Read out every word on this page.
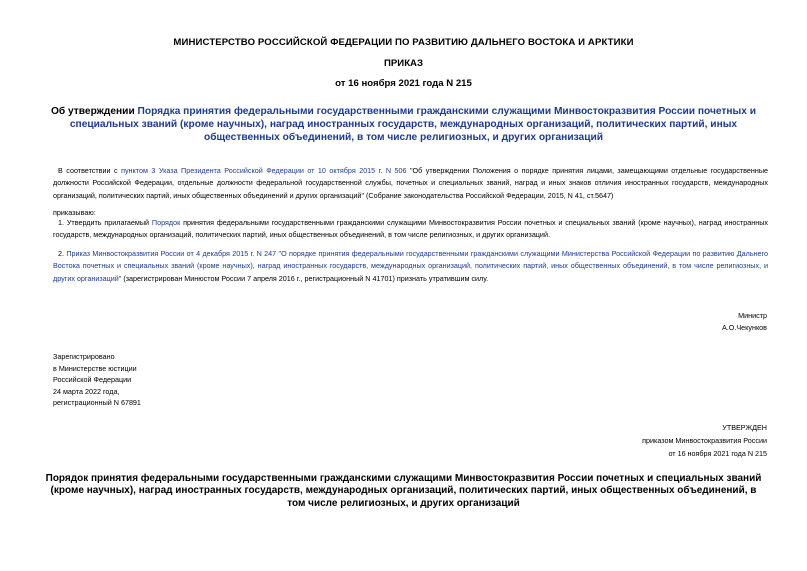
МИНИСТЕРСТВО РОССИЙСКОЙ ФЕДЕРАЦИИ ПО РАЗВИТИЮ ДАЛЬНЕГО ВОСТОКА И АРКТИКИ
ПРИКАЗ
от 16 ноября 2021 года N 215
Об утверждении Порядка принятия федеральными государственными гражданскими служащими Минвостокразвития России почетных и специальных званий (кроме научных), наград иностранных государств, международных организаций, политических партий, иных общественных объединений, в том числе религиозных, и других организаций
В соответствии с пунктом 3 Указа Президента Российской Федерации от 10 октября 2015 г. N 506 "Об утверждении Положения о порядке принятия лицами, замещающими отдельные государственные должности Российской Федерации, отдельные должности федеральной государственной службы, почетных и специальных званий, наград и иных знаков отличия иностранных государств, международных организаций, политических партий, иных общественных объединений и других организаций" (Собрание законодательства Российской Федерации, 2015, N 41, ст.5647)
приказываю:
1. Утвердить прилагаемый Порядок принятия федеральными государственными гражданскими служащими Минвостокразвития России почетных и специальных званий (кроме научных), наград иностранных государств, международных организаций, политических партий, иных общественных объединений, в том числе религиозных, и других организаций.
2. Приказ Минвостокразвития России от 4 декабря 2015 г. N 247 "О порядке принятия федеральными государственными гражданскими служащими Министерства Российской Федерации по развитию Дальнего Востока почетных и специальных званий (кроме научных), наград иностранных государств, международных организаций, политических партий, иных общественных объединений, в том числе религиозных, и других организаций" (зарегистрирован Минюстом России 7 апреля 2016 г., регистрационный N 41701) признать утратившим силу.
Министр
А.О.Чекунков
Зарегистрировано
в Министерстве юстиции
Российской Федерации
24 марта 2022 года,
регистрационный N 67891
УТВЕРЖДЕН
приказом Минвостокразвития России
от 16 ноября 2021 года N 215
Порядок принятия федеральными государственными гражданскими служащими Минвостокразвития России почетных и специальных званий (кроме научных), наград иностранных государств, международных организаций, политических партий, иных общественных объединений, в том числе религиозных, и других организаций
